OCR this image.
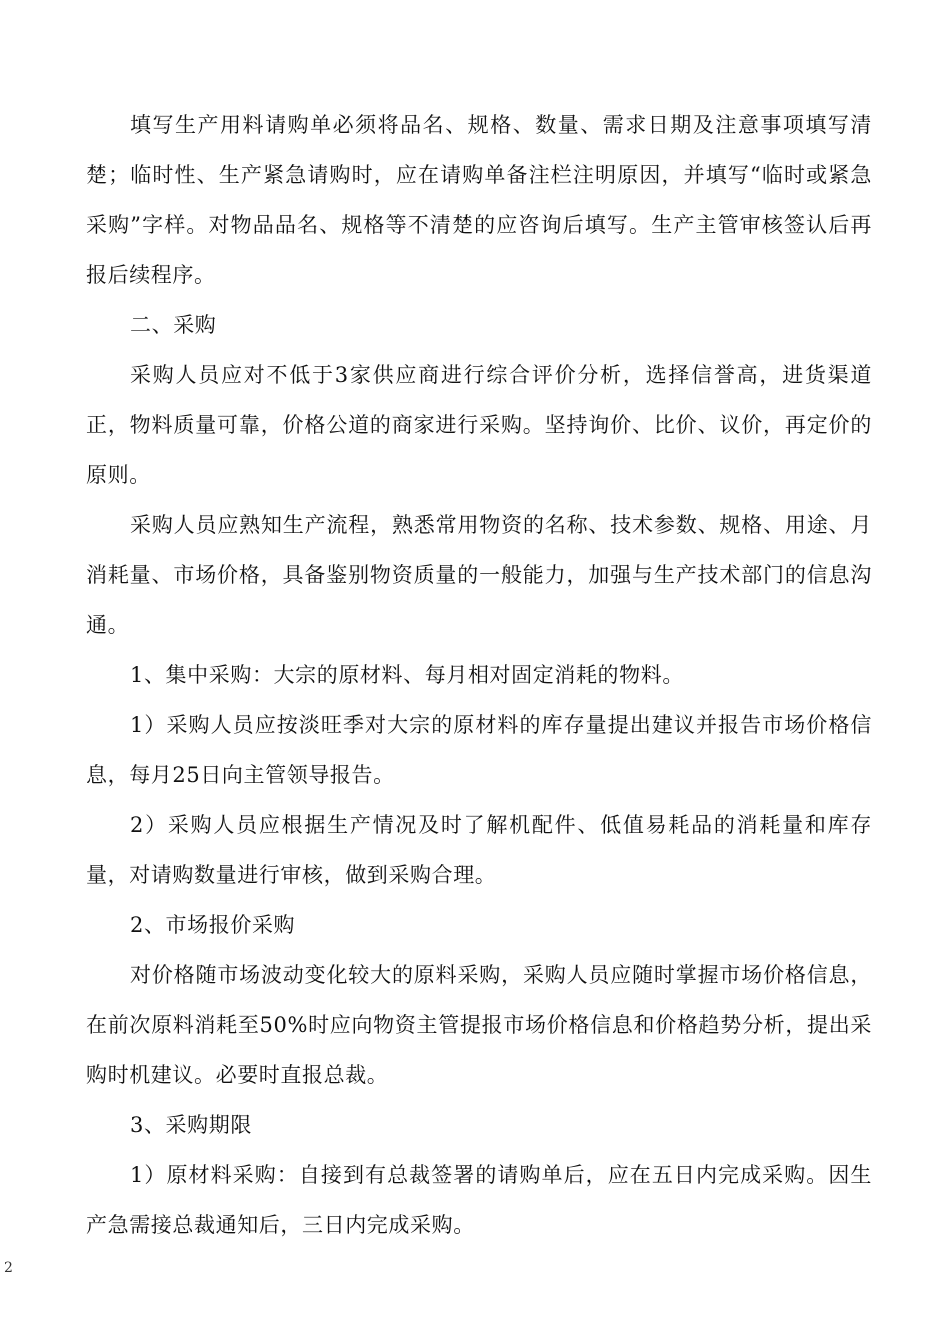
填写生产用料请购单必须将品名、规格、数量、需求日期及注意事项填写清楚；临时性、生产紧急请购时，应在请购单备注栏注明原因，并填写“临时或紧急采购”字样。对物品品名、规格等不清楚的应咨询后填写。生产主管审核签认后再报后续程序。

二、采购

采购人员应对不低于3家供应商进行综合评价分析，选择信誉高，进货渠道正，物料质量可靠，价格公道的商家进行采购。坚持询价、比价、议价，再定价的原则。

采购人员应熟知生产流程，熟悉常用物资的名称、技术参数、规格、用途、月消耗量、市场价格，具备鉴别物资质量的一般能力，加强与生产技术部门的信息沟通。

1、集中采购：大宗的原材料、每月相对固定消耗的物料。

1）采购人员应按淡旺季对大宗的原材料的库存量提出建议并报告市场价格信息，每月25日向主管领导报告。

2）采购人员应根据生产情况及时了解机配件、低值易耗品的消耗量和库存量，对请购数量进行审核，做到采购合理。

2、市场报价采购

对价格随市场波动变化较大的原料采购，采购人员应随时掌握市场价格信息，在前次原料消耗至50%时应向物资主管提报市场价格信息和价格趋势分析，提出采购时机建议。必要时直报总裁。

3、采购期限

1）原材料采购：自接到有总裁签署的请购单后，应在五日内完成采购。因生产急需接总裁通知后，三日内完成采购。

2
